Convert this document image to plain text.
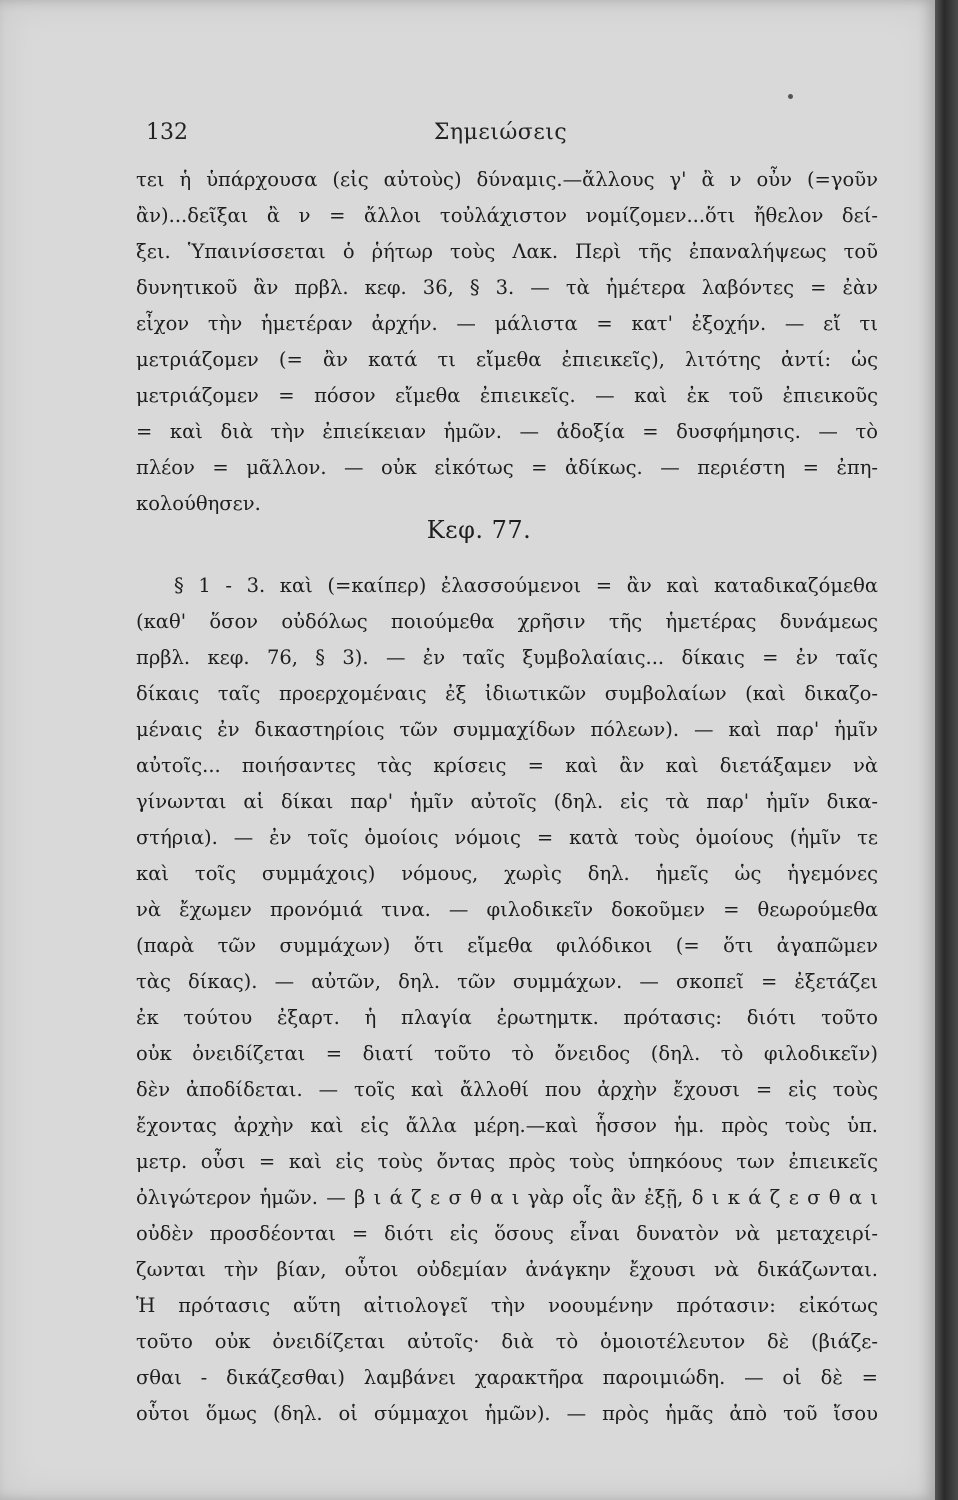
132	Σημειώσεις
τει ἡ ὑπάρχουσα (εἰς αὐτοὺς) δύναμις.—ἄλλους γ' ἂ ν οὖν (=γοῦν
ἂν)...δεῖξαι ἂ ν = ἄλλοι τοὐλάχιστον νομίζομεν...ὅτι ἤθελον δεί-
ξει. Ὑπαινίσσεται ὁ ῥήτωρ τοὺς Λακ. Περὶ τῆς ἐπαναλήψεως τοῦ
δυνητικοῦ ἂν πρβλ. κεφ. 36, § 3. — τὰ ἡμέτερα λαβόντες = ἐὰν
εἶχον τὴν ἡμετέραν ἀρχήν. — μάλιστα = κατ' ἐξοχήν. — εἴ τι
μετριάζομεν (= ἂν κατά τι εἴμεθα ἐπιεικεῖς), λιτότης ἀντί: ὡς
μετριάζομεν = πόσον εἴμεθα ἐπιεικεῖς. — καὶ ἐκ τοῦ ἐπιεικοῦς
= καὶ διὰ τὴν ἐπιείκειαν ἡμῶν. — ἀδοξία = δυσφήμησις. — τὸ
πλέον = μᾶλλον. — οὐκ εἰκότως = ἀδίκως. — περιέστη = ἐπη-
κολούθησεν.
Κεφ. 77.
§ 1 - 3. καὶ (=καίπερ) ἐλασσούμενοι = ἂν καὶ καταδικαζόμεθα
(καθ' ὅσον οὐδόλως ποιούμεθα χρῆσιν τῆς ἡμετέρας δυνάμεως
πρβλ. κεφ. 76, § 3). — ἐν ταῖς ξυμβολαίαις... δίκαις = ἐν ταῖς
δίκαις ταῖς προερχομέναις ἐξ ἰδιωτικῶν συμβολαίων (καὶ δικαζο-
μέναις ἐν δικαστηρίοις τῶν συμμαχίδων πόλεων). — καὶ παρ' ἡμῖν
αὐτοῖς... ποιήσαντες τὰς κρίσεις = καὶ ἂν καὶ διετάξαμεν νὰ
γίνωνται αἱ δίκαι παρ' ἡμῖν αὐτοῖς (δηλ. εἰς τὰ παρ' ἡμῖν δικα-
στήρια). — ἐν τοῖς ὁμοίοις νόμοις = κατὰ τοὺς ὁμοίους (ἡμῖν τε
καὶ τοῖς συμμάχοις) νόμους, χωρὶς δηλ. ἡμεῖς ὡς ἡγεμόνες
νὰ ἔχωμεν προνόμιά τινα. — φιλοδικεῖν δοκοῦμεν = θεωρούμεθα
(παρὰ τῶν συμμάχων) ὅτι εἴμεθα φιλόδικοι (= ὅτι ἀγαπῶμεν
τὰς δίκας). — αὐτῶν, δηλ. τῶν συμμάχων. — σκοπεῖ = ἐξετάζει
ἐκ τούτου ἐξαρτ. ἡ πλαγία ἐρωτημτκ. πρότασις: διότι τοῦτο
οὐκ ὀνειδίζεται = διατί τοῦτο τὸ ὄνειδος (δηλ. τὸ φιλοδικεῖν)
δὲν ἀποδίδεται. — τοῖς καὶ ἄλλοθί που ἀρχὴν ἔχουσι = εἰς τοὺς
ἔχοντας ἀρχὴν καὶ εἰς ἄλλα μέρη.—καὶ ἧσσον ἡμ. πρὸς τοὺς ὑπ.
μετρ. οὖσι = καὶ εἰς τοὺς ὄντας πρὸς τοὺς ὑπηκόους των ἐπιεικεῖς
ὀλιγώτερον ἡμῶν. — β ι ά ζ ε σ θ α ι γὰρ οἷς ἂν ἐξῇ, δ ι κ ά ζ ε σ θ α ι
οὐδὲν προσδέονται = διότι εἰς ὅσους εἶναι δυνατὸν νὰ μεταχειρί-
ζωνται τὴν βίαν, οὗτοι οὐδεμίαν ἀνάγκην ἔχουσι νὰ δικάζωνται.
Ἡ πρότασις αὕτη αἰτιολογεῖ τὴν νοουμένην πρότασιν: εἰκότως
τοῦτο οὐκ ὀνειδίζεται αὐτοῖς· διὰ τὸ ὁμοιοτέλευτον δὲ (βιάζε-
σθαι - δικάζεσθαι) λαμβάνει χαρακτῆρα παροιμιώδη. — οἱ δὲ =
οὗτοι ὅμως (δηλ. οἱ σύμμαχοι ἡμῶν). — πρὸς ἡμᾶς ἀπὸ τοῦ ἴσου
